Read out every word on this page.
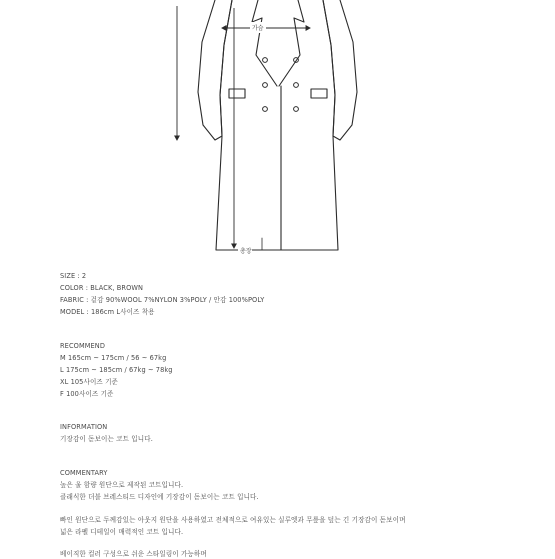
가슴
총장
SIZE : 2
COLOR : BLACK, BROWN
FABRIC : 겉감 90%WOOL 7%NYLON 3%POLY / 안감 100%POLY
MODEL : 186cm L사이즈 착용
RECOMMEND
M 165cm ~ 175cm / 56 ~ 67kg
L 175cm ~ 185cm / 67kg ~ 78kg
XL 105사이즈 기준
F 100사이즈 기준
INFORMATION
기장감이 돋보이는 코트 입니다.
COMMENTARY
높은 울 함량 원단으로 제작된 코트입니다.
클래식한 더블 브레스티드 디자인에 기장감이 돋보이는 코트 입니다.
빠인 원단으로 두께감있는 아웃지 원단을 사용하였고 전체적으로 여유있는 실루엣과 무릎을 덮는 긴 기장감이 돋보이며
넓은 라펠 디테일이 매력적인 코트 입니다.
베이직한 컬러 구성으로 쉬운 스타일링이 가능하며
